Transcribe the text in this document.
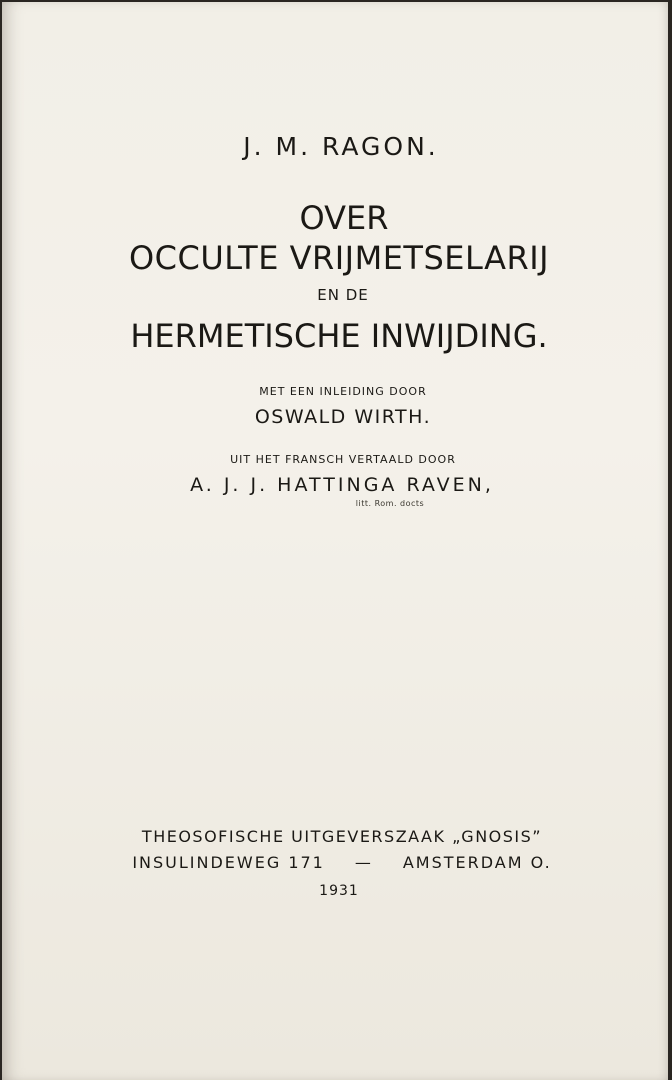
J. M. RAGON.
OVER
OCCULTE VRIJMETSELARIJ
EN DE
HERMETISCHE INWIJDING.
MET EEN INLEIDING DOOR
OSWALD WIRTH.
UIT HET FRANSCH VERTAALD DOOR
A. J. J. HATTINGA RAVEN,
litt. Rom. docts
THEOSOFISCHE UITGEVERSZAAK „GNOSIS”
INSULINDEWEG 171 — AMSTERDAM O.
1931
